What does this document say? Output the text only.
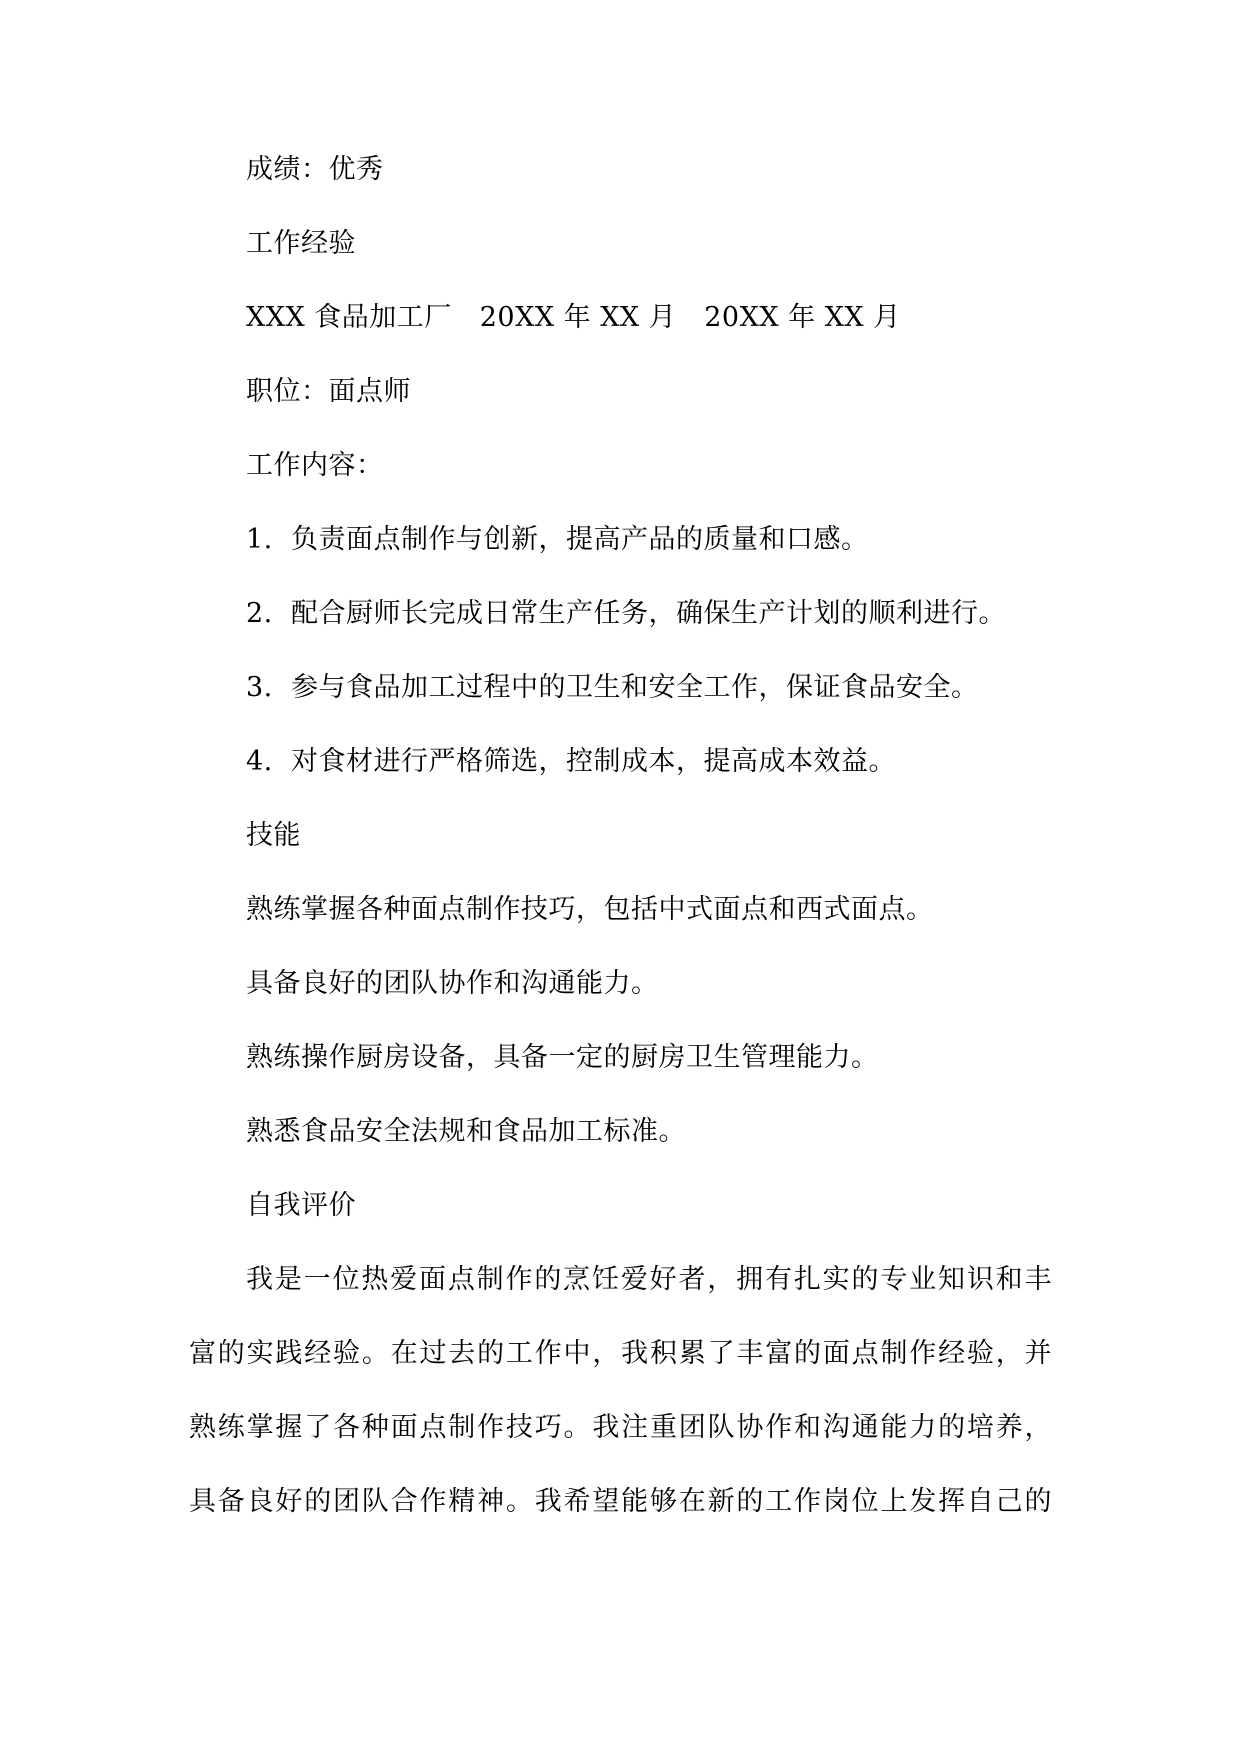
成绩：优秀
工作经验
XXX 食品加工厂 20XX 年 XX 月 20XX 年 XX 月
职位：面点师
工作内容：
1. 负责面点制作与创新，提高产品的质量和口感。
2. 配合厨师长完成日常生产任务，确保生产计划的顺利进行。
3. 参与食品加工过程中的卫生和安全工作，保证食品安全。
4. 对食材进行严格筛选，控制成本，提高成本效益。
技能
熟练掌握各种面点制作技巧，包括中式面点和西式面点。
具备良好的团队协作和沟通能力。
熟练操作厨房设备，具备一定的厨房卫生管理能力。
熟悉食品安全法规和食品加工标准。
自我评价
我是一位热爱面点制作的烹饪爱好者，拥有扎实的专业知识和丰
富的实践经验。在过去的工作中，我积累了丰富的面点制作经验，并
熟练掌握了各种面点制作技巧。我注重团队协作和沟通能力的培养，
具备良好的团队合作精神。我希望能够在新的工作岗位上发挥自己的
